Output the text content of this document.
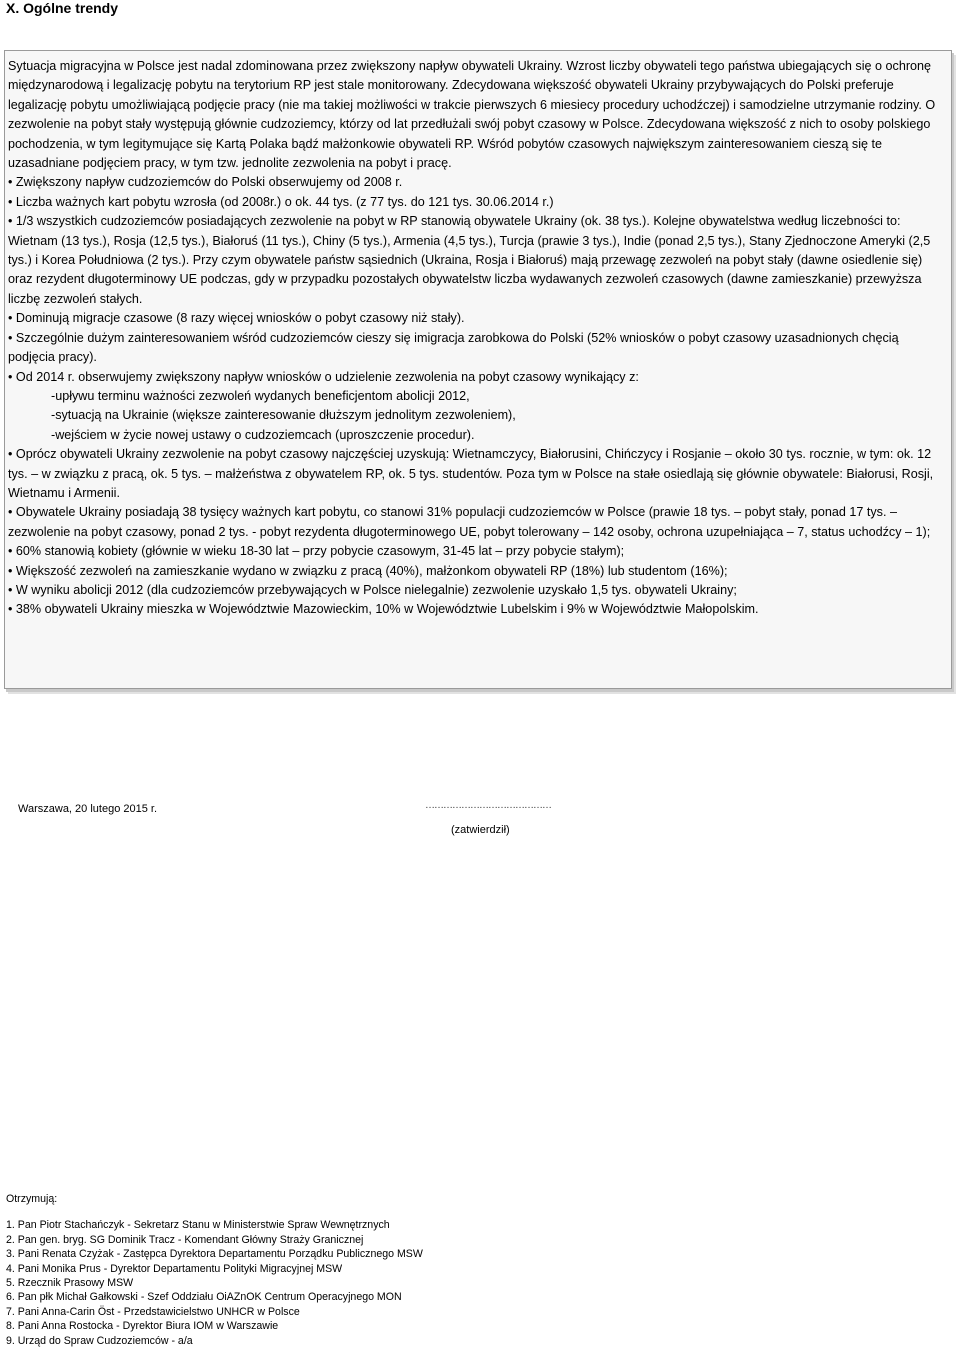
X. Ogólne trendy

Sytuacja migracyjna w Polsce jest nadal zdominowana przez zwiększony napływ obywateli Ukrainy. Wzrost liczby obywateli tego państwa ubiegających się o ochronę międzynarodową i legalizację pobytu na terytorium RP jest stale monitorowany. Zdecydowana większość obywateli Ukrainy przybywających do Polski preferuje legalizację pobytu umożliwiającą podjęcie pracy (nie ma takiej możliwości w trakcie pierwszych 6 miesiecy procedury uchodźczej) i samodzielne utrzymanie rodziny. O zezwolenie na pobyt stały występują głównie cudzoziemcy, którzy od lat przedłużali swój pobyt czasowy w Polsce. Zdecydowana większość z nich to osoby polskiego pochodzenia, w tym legitymujące się Kartą Polaka bądź małżonkowie obywateli RP. Wśród pobytów czasowych największym zainteresowaniem cieszą się te uzasadniane podjęciem pracy, w tym tzw. jednolite zezwolenia na pobyt i pracę.

• Zwiększony napływ cudzoziemców do Polski obserwujemy od 2008 r.

• Liczba ważnych kart pobytu wzrosła (od 2008r.) o ok. 44 tys. (z 77 tys. do 121 tys. 30.06.2014 r.)

• 1/3 wszystkich cudzoziemców posiadających zezwolenie na pobyt w RP stanowią obywatele Ukrainy (ok. 38 tys.). Kolejne obywatelstwa według liczebności to: Wietnam (13 tys.), Rosja (12,5 tys.), Białoruś (11 tys.), Chiny (5 tys.), Armenia (4,5 tys.), Turcja (prawie 3 tys.), Indie (ponad 2,5 tys.), Stany Zjednoczone Ameryki (2,5 tys.) i Korea Południowa (2 tys.). Przy czym obywatele państw sąsiednich (Ukraina, Rosja i Białoruś) mają przewagę zezwoleń na pobyt stały (dawne osiedlenie się) oraz rezydent długoterminowy UE podczas, gdy w przypadku pozostałych obywatelstw liczba wydawanych zezwoleń czasowych (dawne zamieszkanie) przewyższa liczbę zezwoleń stałych.

• Dominują migracje czasowe (8 razy więcej wniosków o pobyt czasowy niż stały).

• Szczególnie dużym zainteresowaniem wśród cudzoziemców cieszy się imigracja zarobkowa do Polski (52% wniosków o pobyt czasowy uzasadnionych chęcią podjęcia pracy).

• Od 2014 r. obserwujemy zwiększony napływ wniosków o udzielenie zezwolenia na pobyt czasowy wynikający z:

-upływu terminu ważności zezwoleń wydanych beneficjentom abolicji 2012,

-sytuacją na Ukrainie (większe zainteresowanie dłuższym jednolitym zezwoleniem),

-wejściem w życie nowej ustawy o cudzoziemcach (uproszczenie procedur).

• Oprócz obywateli Ukrainy zezwolenie na pobyt czasowy najczęściej uzyskują: Wietnamczycy, Białorusini, Chińczycy i Rosjanie – około 30 tys. rocznie, w tym: ok. 12 tys. – w związku z pracą, ok. 5 tys. – małżeństwa z obywatelem RP, ok. 5 tys. studentów. Poza tym w Polsce na stałe osiedlają się głównie obywatele: Białorusi, Rosji, Wietnamu i Armenii.

• Obywatele Ukrainy posiadają 38 tysięcy ważnych kart pobytu, co stanowi 31% populacji cudzoziemców w Polsce (prawie 18 tys. – pobyt stały, ponad 17 tys. – zezwolenie na pobyt czasowy, ponad 2 tys. - pobyt rezydenta długoterminowego UE, pobyt tolerowany – 142 osoby, ochrona uzupełniająca – 7, status uchodźcy – 1);

• 60% stanowią kobiety (głównie w wieku 18-30 lat – przy pobycie czasowym, 31-45 lat – przy pobycie stałym);

• Większość zezwoleń na zamieszkanie wydano w związku z pracą (40%), małżonkom obywateli RP (18%) lub studentom (16%);

• W wyniku abolicji 2012 (dla cudzoziemców przebywających w Polsce nielegalnie) zezwolenie uzyskało 1,5 tys. obywateli Ukrainy;

• 38% obywateli Ukrainy mieszka w Województwie Mazowieckim, 10% w Województwie Lubelskim i 9% w Województwie Małopolskim.

Warszawa, 20 lutego 2015 r.	……………………………………
(zatwierdził)
Otrzymują:
1. Pan Piotr Stachańczyk - Sekretarz Stanu w Ministerstwie Spraw Wewnętrznych
2. Pan gen. bryg. SG Dominik Tracz - Komendant Główny Straży Granicznej
3. Pani Renata Czyżak - Zastępca Dyrektora Departamentu Porządku Publicznego MSW
4. Pani Monika Prus - Dyrektor Departamentu Polityki Migracyjnej MSW
5. Rzecznik Prasowy MSW
6. Pan płk Michał Gałkowski - Szef Oddziału OiAZnOK Centrum Operacyjnego MON
7. Pani Anna-Carin Öst - Przedstawicielstwo UNHCR w Polsce
8. Pani Anna Rostocka - Dyrektor Biura IOM w Warszawie
9. Urząd do Spraw Cudzoziemców - a/a
